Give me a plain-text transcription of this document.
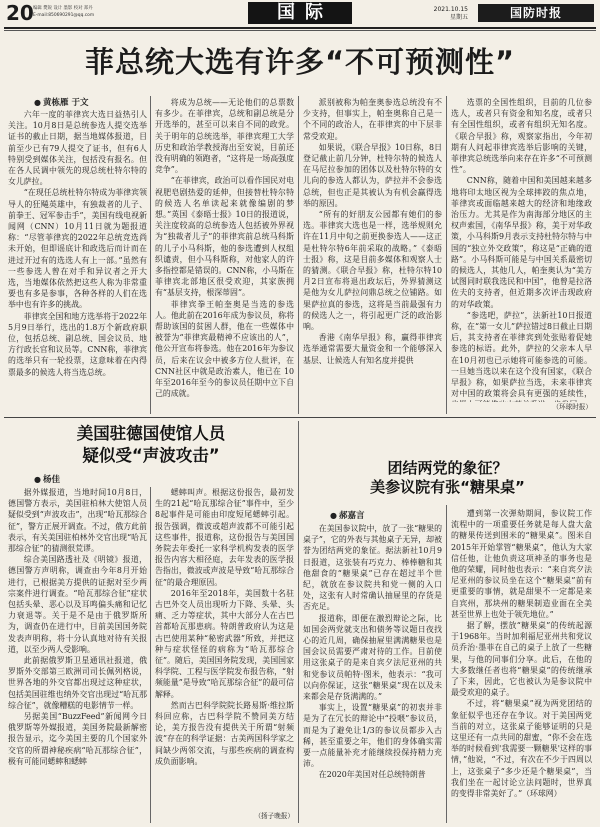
20 编辑 樊锐 设计 墨影 校对 郑丹
E-mail:850690291@qq.com	国际	2021.10.15
星期五	国防时报
菲总统大选有许多“不可预测性”
● 黄栋雁 于文

六年一度的菲律宾大选日益热引人关注。10月8日是总统参选人提交选举证书的截止日期，据当地媒体报道，目前至少已有79人提交了证书，但有6人特别受到媒体关注，包括没有报名。但在各人民调中领先的现总统杜特尔特的女儿萨拉。

“在现任总统杜特尔特成为菲律宾领导人的狂飚英雄中，有独裁者的儿子、前拳王、冠军参击手”，美国有线电视新闻网（CNN）10月11日就为题报道称：“尽管菲律宾的2022年总统竞选尚未开始，但即谣底计和政选后而计而在进过开过有的选选人有上一部。”虽然有一些参选人曾在对手和异议者之开大选，当地媒体依然把这些人称为非常重要也有多是参事，各种各样的人们在选举中也有许多的挑战。

菲律宾全国和地方选举将于2022年5月9日举行，选出的1.8万个新政府职位，包括总统、副总统、国会议员、地方行政长官和议员等。CNN称，菲律宾的选举只有一轮投票，这意味着在内得票最多的候选人将当选总统。

将成为总统——无论他们的总票数有多少。在菲律宾，总统和副总统是分开选举的，甚至可以来自不同的政党。关于明年的总统选举，菲律宾理工大学历史和政治学教授海出至安说，目前还没有明确的领跑者，“这将是一场高强度竞争”。

“在菲律宾，政治可以看作国民对电视肥皂剧热爱的延伸，但接替杜特尔特的候选人名单读起来就像编剧的梦想。”英国《泰晤士报》10日的报道说，关注度较高的总统参选人包括被外界视为“独裁者儿子”的菲律宾前总统马科斯的儿子小马科斯，他的参选遭到人权组织谴责，但小马科斯称，对他家人的许多指控都是错误的。CNN称，小马斯在菲律宾北部地区很受欢迎，其家族拥有“基层支持，根深蒂固”。

菲律宾拳王帕奎奥是当选的参选人。他此前在2016年成为参议员，称将帮助该国的贫困人群，他在一些媒体中被誉为“菲律宾最精神不应该出的人”，他公开宣布将参选。他在2016年为参议员，后来在议会中被多方位人批评，在CNN社区中就是政治素人，他已在 10年至2016年至今的参议员任期中立下自己的成就。

派别被称为帕奎奥参选总统没有不少支持，但事实上，帕奎奥称自己是一个不同的政治人，在菲律宾的中下层非常受欢迎。

如果说，《联合早报》10日称，8日登记截止前几分钟，杜特尔特的候选人在马尼拉参加的团体以及杜特尔特的女儿向的参选人都认为，萨拉并不会参选总统，但也正是其被认为有机会赢得选举的原因。

“所有的好朋友公园都有她们的参选。菲律宾大选也是一样，选举规则允许在11月中旬之前更换参选人——这正是杜特尔特6年前采取的战略。”《泰晤士报》称，这是目前多媒体和观察人士的猜测。《联合早报》称，杜特尔特10月2日宣布将退出政坛后，外界猜测这是他为女儿萨拉问鼎总统之位铺路。如果萨拉真的参选，这将是当前最强有力的候选人之一，将引起更广泛的政治影响。

香港《南华早报》称，赢得菲律宾选举通常需要大量资金和一个能够深入基层、让候选人有知名度并提供

选票的全国性组织，目前的几位参选人，或者只有资金和知名度，或者只有全国性组织，或者有组织无知名度。《联合早报》称，观察家指出，今年初期有人问起菲律宾选举后影响的关键，菲律宾总统选举向来存在许多“不可预测性”。

CNN称，随着中国和美国越来越多地将印太地区视为全球摔跤的焦点地，菲律宾或面临越来越大的经济和地缘政治压力。尤其是作为南海部分地区的主权声索国，《南华早报》称，美于对华政策，小马科斯9月表示支持杜特尔特与中国的“独立外交政策”，称这是“正确的道路”。小马科斯可能是与中国关系最密切的候选人，其他几人，帕奎奥认为“美方试图同时联我选民和中国”，他曾是拉洛佐夫的支持者，但近期多次评击现政府的对华政策。

“参选吧，萨拉”，法新社10日报道称，在“第一女儿”萨拉错过8日截止日期后，其支持者在菲律宾到处张贴着促她参选的标语。此外，萨拉的父亲本人早在10月初也已示她将可能参选的可能。一旦她当选以来在这个没有国家，《联合早报》称，如果萨拉当选，未来菲律宾对中国的政策将会具有更强的延续性，

（环球时报）
美国驻德国使馆人员
疑似受“声波攻击”
● 杨佳

据外媒报道，当地时间10月8日，德国警方表示，美国驻柏林大使馆人员疑似受到“声波攻击”，出现“哈瓦那综合征”，警方正展开调查。不过，俄方此前表示，有关美国驻柏林外交官出现“哈瓦那综合征”的猜测很荒谬。

综合美国路透社及《明镜》报道，德国警方声明称，调查由今年8月开始进行，已根据美方提供的证据对至少两宗案件进行调查。“哈瓦那综合征”症状包括头晕、恶心以及耳鸣偏头痛和记忆力衰退等。关于是不是由于俄罗斯所为，调查仍在进行中，目前美国国务院发表声明称，将十分认真地对待有关报道，以至少两人受影响。

此前据俄罗斯卫星通讯社报道，俄罗斯外交部第三欧洲司司长佩列格说，世界各地的外交官都出现过这种症状，包括美国驻维也纳外交官出现过“哈瓦那综合征”，就像糟糕的电影情节一样。

另据美国“BuzzFeed”新闻网今日俄罗斯等外媒报道，美国务院最新解密报告显示，迄今美国主要的几个国家外交官的所谓神秘疾病“哈瓦那综合征”，极有可能同蟋蟀和蟋蟀

蟋蟀叫声。根据这份报告，最初发生的21起“哈瓦那综合征”事件中，至少8起事件是可能由印度短尾蟋蟀引起。报告强调，微波或超声波都不可能引起这些事件，报道称，这份报告与美国国务院去年委托一家科学机构发表的医学报告内容大相径庭，去年发表的医学报告指出，微波或声波是导致“哈瓦那综合征”的最合理原因。

2016年至2018年，美国数十名驻古巴外交人员出现听力下降、头晕、头痛、乏力等症状，其中大部分人在古巴首都哈瓦那患病。特朗普政府认为这是古巴使用某种“秘密武器”所致，并把这种与症状怪怪的病称为“哈瓦那综合征”。随后，美国国务院发现，美国国家科学院、工程与医学院发布报告称，“射频能量”是导致“哈瓦那综合征”的最可信解释。

然而古巴科学院院长路易斯·维拉斯科回应称，古巴科学院不赞同美方结论，美方报告没有提供关于所谓“射频波”存在的科学证据：古美两国科学家之间缺少两邻交流，与那些疾病的调查构成负面影响。

（扬子晚报）
团结两党的象征？
美参议院有张“糖果桌”
● 郝嘉言

在美国参议院中，放了一张“糖果的桌子”，它的外表与其他桌子无异，却被誉为团结两党的象征。据法新社10月9日报道，这张装有巧克力、棒棒糖和其他甜食的“糖果桌”已存在超过半个世纪，就放在参议院共和党一侧的入口处，这张有人时常确认抽屉里的存货是否充足。

报道称，即便在激烈辩论之际，比如国会两党就支出和债务等议题日夜找心的近几周，确保抽屉里满满糖果也是国会议员需要严肃对待的工作。目前使用这张桌子的是来自宾夕法尼亚州的共和党参议员帕特·图米，他表示：“我可以向你保证，这张“糖果桌”现在以及未来都会是存货满满的。”

事实上，设置“糖果桌”的初衷并非是为了在冗长的辩论中“投喂”参议员，而是为了避免让1/3的参议员都步入古稀，甚至重要之年，他们的身体确实需要一点能量补充才能继续投保持精力充沛。

在2020年美国对任总统特朗普

遭到第一次弹劾期间，参议院工作流程中的一项重要任务就是每人盘大盒的糖果传送到围米的“糖果桌”。图米自2015年开始掌管“糖果桌”，他认为大家信任他，让他负责这项神圣的事务也是他的荣耀，同时他也表示：“来自宾夕法尼亚州的参议员坐在这个“糖果桌”前有更重要的事情，就是甜果不一定都是来自宾州，那块州的糖果制造业面在全美甚至世界上也处于领先地位。”

据了解，摆放“糖果桌”的传统起源于1968年。当时加利福尼亚州共和党议员乔治·墨菲在自己的桌子上放了一些糖果，与他的同事们分享。此后，在他的大多数继任者也将“糖果桌”的传统继承了下来，因此，它也被认为是参议院中最受欢迎的桌子。

不过，将“糖果桌”视为两党团结的象征似乎也还存在争议。对于美国两党当前的对立，这张桌子能够证明的只是这里还有一点共同的甜蜜，“你不会在选举的时候看到'我需要一颗糖果'这样的事情，”他说，“不过，有次在不少于四周以上，这张桌子“多少还是个糖果桌”，当我们坐在一起讨论立法问题时，世界真的变得非常美好了。”（环球网）
